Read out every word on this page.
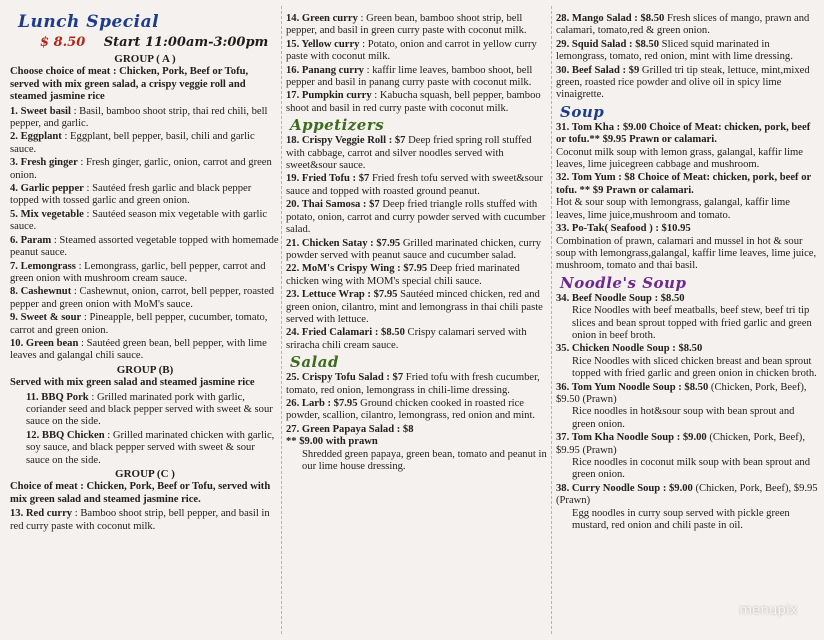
Lunch Special
$ 8.50 Start 11:00am-3:00pm
GROUP ( A )
Choose choice of meat : Chicken, Pork, Beef or Tofu, served with mix green salad, a crispy veggie roll and steamed jasmine rice
1. Sweet basil : Basil, bamboo shoot strip, thai red chili, bell pepper, and garlic.
2. Eggplant : Eggplant, bell pepper, basil, chili and garlic sauce.
3. Fresh ginger : Fresh ginger, garlic, onion, carrot and green onion.
4. Garlic pepper : Sautéed fresh garlic and black pepper topped with tossed garlic and green onion.
5. Mix vegetable : Sautéed season mix vegetable with garlic sauce.
6. Param : Steamed assorted vegetable topped with homemade peanut sauce.
7. Lemongrass : Lemongrass, garlic, bell pepper, carrot and green onion with mushroom cream sauce.
8. Cashewnut : Cashewnut, onion, carrot, bell pepper, roasted pepper and green onion with MoM's sauce.
9. Sweet & sour : Pineapple, bell pepper, cucumber, tomato, carrot and green onion.
10. Green bean : Sautéed green bean, bell pepper, with lime leaves and galangal chili sauce.
GROUP (B)
Served with mix green salad and steamed jasmine rice
11. BBQ Pork : Grilled marinated pork with garlic, coriander seed and black pepper served with sweet & sour sauce on the side.
12. BBQ Chicken : Grilled marinated chicken with garlic, soy sauce, and black pepper served with sweet & sour sauce on the side.
GROUP (C )
Choice of meat : Chicken, Pork, Beef or Tofu, served with mix green salad and steamed jasmine rice.
13. Red curry : Bamboo shoot strip, bell pepper, and basil in red curry paste with coconut milk.
14. Green curry : Green bean, bamboo shoot strip, bell pepper, and basil in green curry paste with coconut milk.
15. Yellow curry : Potato, onion and carrot in yellow curry paste with coconut milk.
16. Panang curry : kaffir lime leaves, bamboo shoot, bell pepper and basil in panang curry paste with coconut milk.
17. Pumpkin curry : Kabucha squash, bell pepper, bamboo shoot and basil in red curry paste with coconut milk.
Appetizers
18. Crispy Veggie Roll : $7 Deep fried spring roll stuffed with cabbage, carrot and silver noodles served with sweet&sour sauce.
19. Fried Tofu : $7 Fried fresh tofu served with sweet&sour sauce and topped with roasted ground peanut.
20. Thai Samosa : $7 Deep fried triangle rolls stuffed with potato, onion, carrot and curry powder served with cucumber salad.
21. Chicken Satay : $7.95 Grilled marinated chicken, curry powder served with peanut sauce and cucumber salad.
22. MoM's Crispy Wing : $7.95 Deep fried marinated chicken wing with MOM's special chili sauce.
23. Lettuce Wrap : $7.95 Sautéed minced chicken, red and green onion, cilantro, mint and lemongrass in thai chili paste served with lettuce.
24. Fried Calamari : $8.50 Crispy calamari served with sriracha chili cream sauce.
Salad
25. Crispy Tofu Salad : $7 Fried tofu with fresh cucumber, tomato, red onion, lemongrass in chili-lime dressing.
26. Larb : $7.95 Ground chicken cooked in roasted rice powder, scallion, cilantro, lemongrass, red onion and mint.
27. Green Papaya Salad : $8
** $9.00 with prawn
Shredded green papaya, green bean, tomato and peanut in our lime house dressing.
28. Mango Salad : $8.50 Fresh slices of mango, prawn and calamari, tomato,red & green onion.
29. Squid Salad : $8.50 Sliced squid marinated in lemongrass, tomato, red onion, mint with lime dressing.
30. Beef Salad : $9 Grilled tri tip steak, lettuce, mint,mixed green, roasted rice powder and olive oil in spicy lime vinaigrette.
Soup
31. Tom Kha : $9.00 Choice of Meat: chicken, pork, beef or tofu.** $9.95 Prawn or calamari.
Coconut milk soup with lemon grass, galangal, kaffir lime leaves, lime juicegreen cabbage and mushroom.
32. Tom Yum : $8 Choice of Meat: chicken, pork, beef or tofu. ** $9 Prawn or calamari.
Hot & sour soup with lemongrass, galangal, kaffir lime leaves, lime juice,mushroom and tomato.
33. Po-Tak( Seafood ) : $10.95
Combination of prawn, calamari and mussel in hot & sour soup with lemongrass,galangal, kaffir lime leaves, lime juice, mushroom, tomato and thai basil.
Noodle's Soup
34. Beef Noodle Soup : $8.50
Rice Noodles with beef meatballs, beef stew, beef tri tip slices and bean sprout topped with fried garlic and green onion in beef broth.
35. Chicken Noodle Soup : $8.50
Rice Noodles with sliced chicken breast and bean sprout topped with fried garlic and green onion in chicken broth.
36. Tom Yum Noodle Soup : $8.50 (Chicken, Pork, Beef), $9.50 (Prawn)
Rice noodles in hot&sour soup with bean sprout and green onion.
37. Tom Kha Noodle Soup : $9.00 (Chicken, Pork, Beef), $9.95 (Prawn)
Rice noodles in coconut milk soup with bean sprout and green onion.
38. Curry Noodle Soup : $9.00 (Chicken, Pork, Beef), $9.95 (Prawn)
Egg noodles in curry soup served with pickle green mustard, red onion and chili paste in oil.
menupix
